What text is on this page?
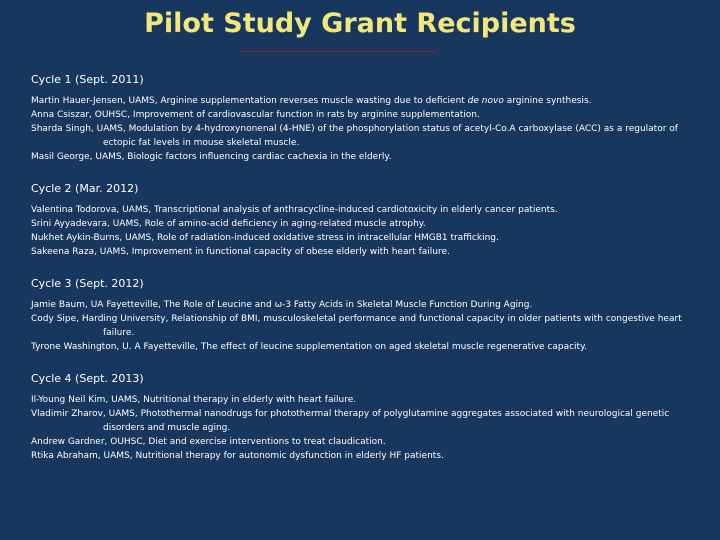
Pilot Study Grant Recipients
Cycle 1 (Sept. 2011)
Martin Hauer-Jensen, UAMS, Arginine supplementation reverses muscle wasting due to deficient de novo arginine synthesis.
Anna Csiszar, OUHSC, Improvement of cardiovascular function in rats by arginine supplementation.
Sharda Singh, UAMS, Modulation by 4-hydroxynonenal (4-HNE) of the phosphorylation status of acetyl-Co.A carboxylase (ACC) as a regulator of ectopic fat levels in mouse skeletal muscle.
Masil George, UAMS, Biologic factors influencing cardiac cachexia in the elderly.
Cycle 2 (Mar. 2012)
Valentina Todorova, UAMS, Transcriptional analysis of anthracycline-induced cardiotoxicity in elderly cancer patients.
Srini Ayyadevara, UAMS, Role of amino-acid deficiency in aging-related muscle atrophy.
Nukhet Aykin-Burns, UAMS, Role of radiation-induced oxidative stress in intracellular HMGB1 trafficking.
Sakeena Raza, UAMS, Improvement in functional capacity of obese elderly with heart failure.
Cycle 3 (Sept. 2012)
Jamie Baum, UA Fayetteville, The Role of Leucine and ω-3 Fatty Acids in Skeletal Muscle Function During Aging.
Cody Sipe, Harding University, Relationship of BMI, musculoskeletal performance and functional capacity in older patients with congestive heart failure.
Tyrone Washington, U. A Fayetteville, The effect of leucine supplementation on aged skeletal muscle regenerative capacity.
Cycle 4 (Sept. 2013)
Il-Young Neil Kim, UAMS, Nutritional therapy in elderly with heart failure.
Vladimir Zharov, UAMS, Photothermal nanodrugs for photothermal therapy of polyglutamine aggregates associated with neurological genetic disorders and muscle aging.
Andrew Gardner, OUHSC, Diet and exercise interventions to treat claudication.
Rtika Abraham, UAMS, Nutritional therapy for autonomic dysfunction in elderly HF patients.
